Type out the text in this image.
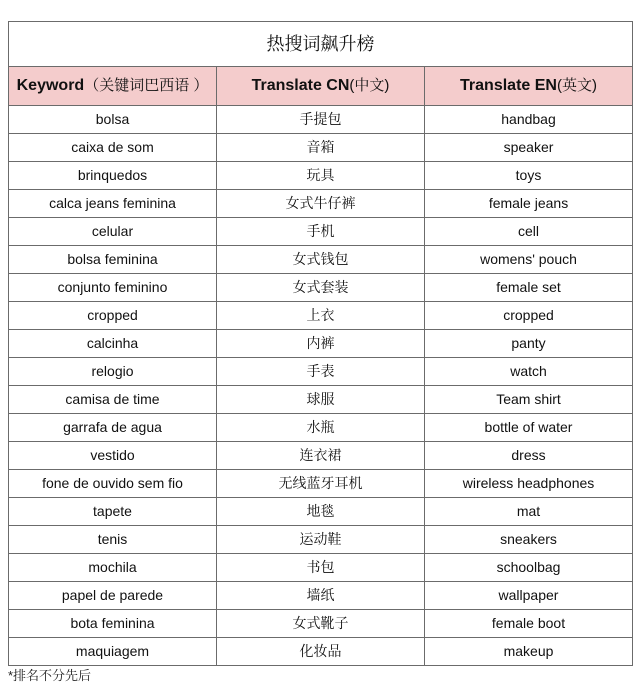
热搜词飙升榜		
Keyword（关键词巴西语 ）	Translate CN(中文)	Translate EN(英文)
bolsa	手提包	handbag
caixa de som	音箱	speaker
brinquedos	玩具	toys
calca jeans feminina	女式牛仔裤	female jeans
celular	手机	cell
bolsa feminina	女式钱包	womens' pouch
conjunto feminino	女式套装	female set
cropped	上衣	cropped
calcinha	内裤	panty
relogio	手表	watch
camisa de time	球服	Team shirt
garrafa de agua	水瓶	bottle of water
vestido	连衣裙	dress
fone de ouvido sem fio	无线蓝牙耳机	wireless headphones
tapete	地毯	mat
tenis	运动鞋	sneakers
mochila	书包	schoolbag
papel de parede	墙纸	wallpaper
bota feminina	女式靴子	female boot
maquiagem	化妆品	makeup
*排名不分先后
